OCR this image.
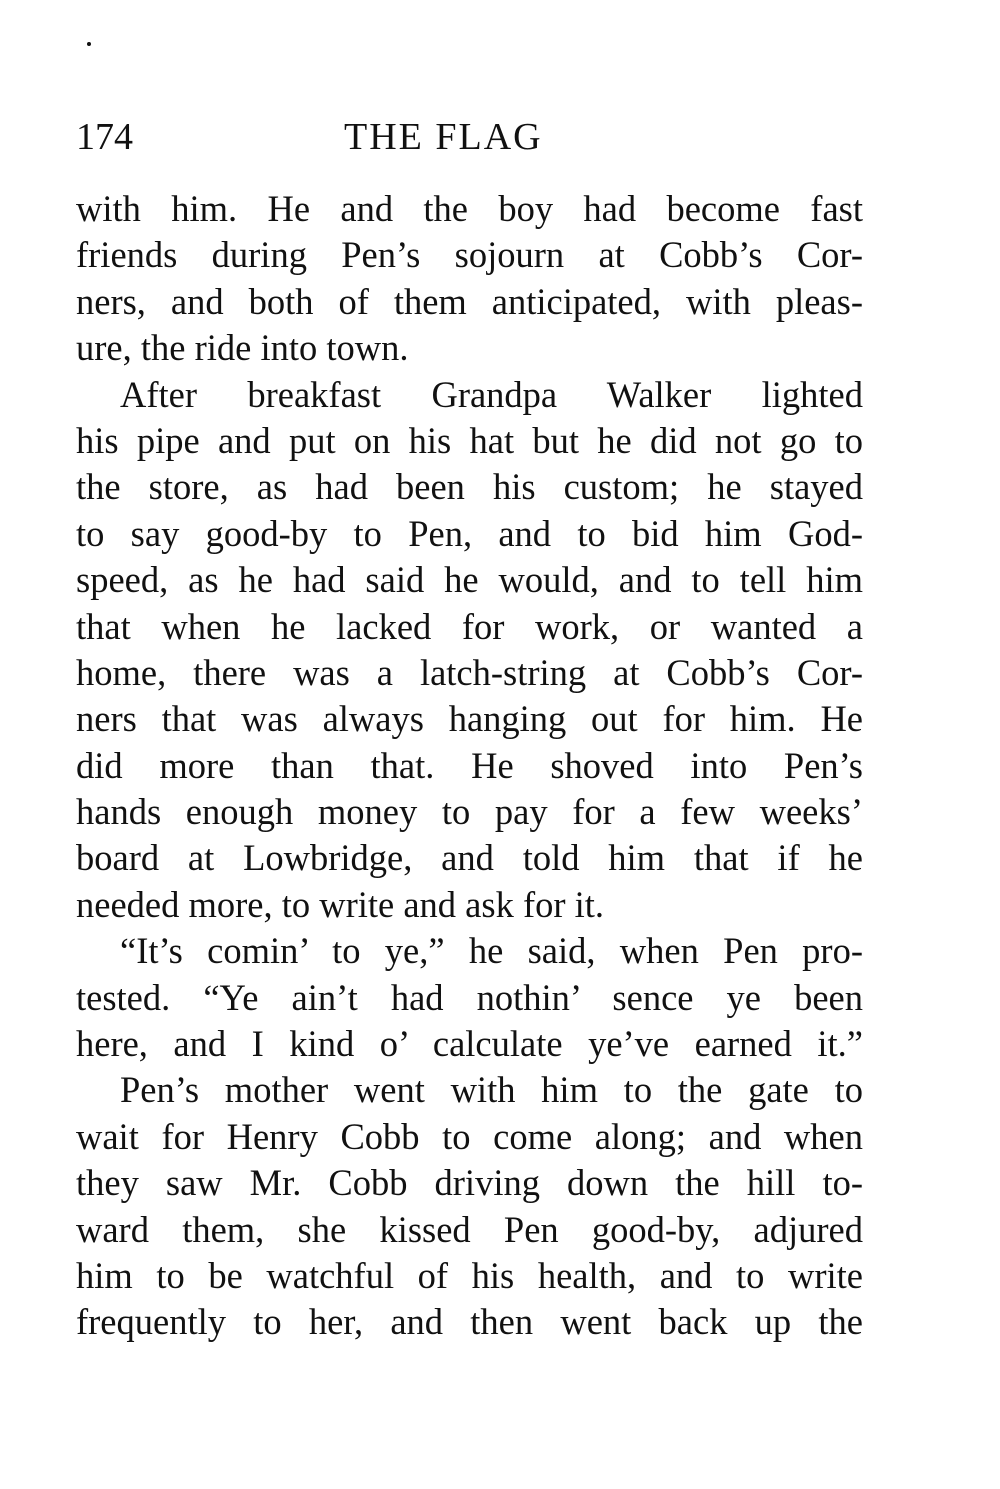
174	THE FLAG
with him. He and the boy had become fast
friends during Pen’s sojourn at Cobb’s Cor-
ners, and both of them anticipated, with pleas-
ure, the ride into town.
After breakfast Grandpa Walker lighted
his pipe and put on his hat but he did not go to
the store, as had been his custom; he stayed
to say good-by to Pen, and to bid him God-
speed, as he had said he would, and to tell him
that when he lacked for work, or wanted a
home, there was a latch-string at Cobb’s Cor-
ners that was always hanging out for him. He
did more than that. He shoved into Pen’s
hands enough money to pay for a few weeks’
board at Lowbridge, and told him that if he
needed more, to write and ask for it.
“It’s comin’ to ye,” he said, when Pen pro-
tested. “Ye ain’t had nothin’ sence ye been
here, and I kind o’ calculate ye’ve earned it.”
Pen’s mother went with him to the gate to
wait for Henry Cobb to come along; and when
they saw Mr. Cobb driving down the hill to-
ward them, she kissed Pen good-by, adjured
him to be watchful of his health, and to write
frequently to her, and then went back up the
